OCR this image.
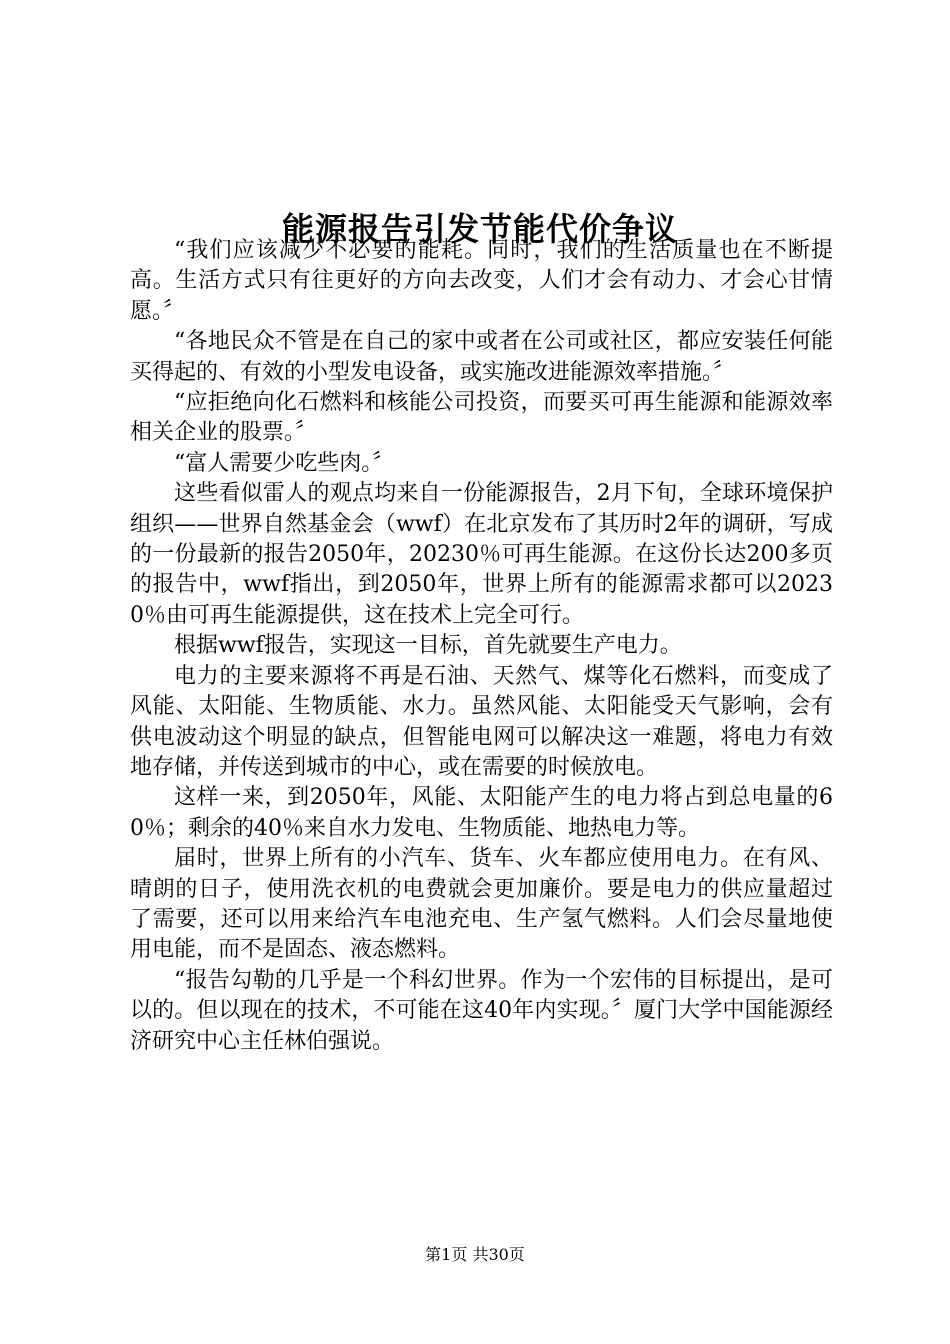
能源报告引发节能代价争议

“我们应该减少不必要的能耗。同时，我们的生活质量也在不断提高。生活方式只有往更好的方向去改变，人们才会有动力、才会心甘情愿。〞

“各地民众不管是在自己的家中或者在公司或社区，都应安装任何能买得起的、有效的小型发电设备，或实施改进能源效率措施。〞

“应拒绝向化石燃料和核能公司投资，而要买可再生能源和能源效率相关企业的股票。〞

“富人需要少吃些肉。〞

这些看似雷人的观点均来自一份能源报告，2月下旬，全球环境保护组织——世界自然基金会（wwf）在北京发布了其历时2年的调研，写成的一份最新的报告2050年，20230％可再生能源。在这份长达200多页的报告中，wwf指出，到2050年，世界上所有的能源需求都可以20230％由可再生能源提供，这在技术上完全可行。

根据wwf报告，实现这一目标，首先就要生产电力。

电力的主要来源将不再是石油、天然气、煤等化石燃料，而变成了风能、太阳能、生物质能、水力。虽然风能、太阳能受天气影响，会有供电波动这个明显的缺点，但智能电网可以解决这一难题，将电力有效地存储，并传送到城市的中心，或在需要的时候放电。

这样一来，到2050年，风能、太阳能产生的电力将占到总电量的60％；剩余的40％来自水力发电、生物质能、地热电力等。

届时，世界上所有的小汽车、货车、火车都应使用电力。在有风、晴朗的日子，使用洗衣机的电费就会更加廉价。要是电力的供应量超过了需要，还可以用来给汽车电池充电、生产氢气燃料。人们会尽量地使用电能，而不是固态、液态燃料。

“报告勾勒的几乎是一个科幻世界。作为一个宏伟的目标提出，是可以的。但以现在的技术，不可能在这40年内实现。〞厦门大学中国能源经济研究中心主任林伯强说。

第1页 共30页
